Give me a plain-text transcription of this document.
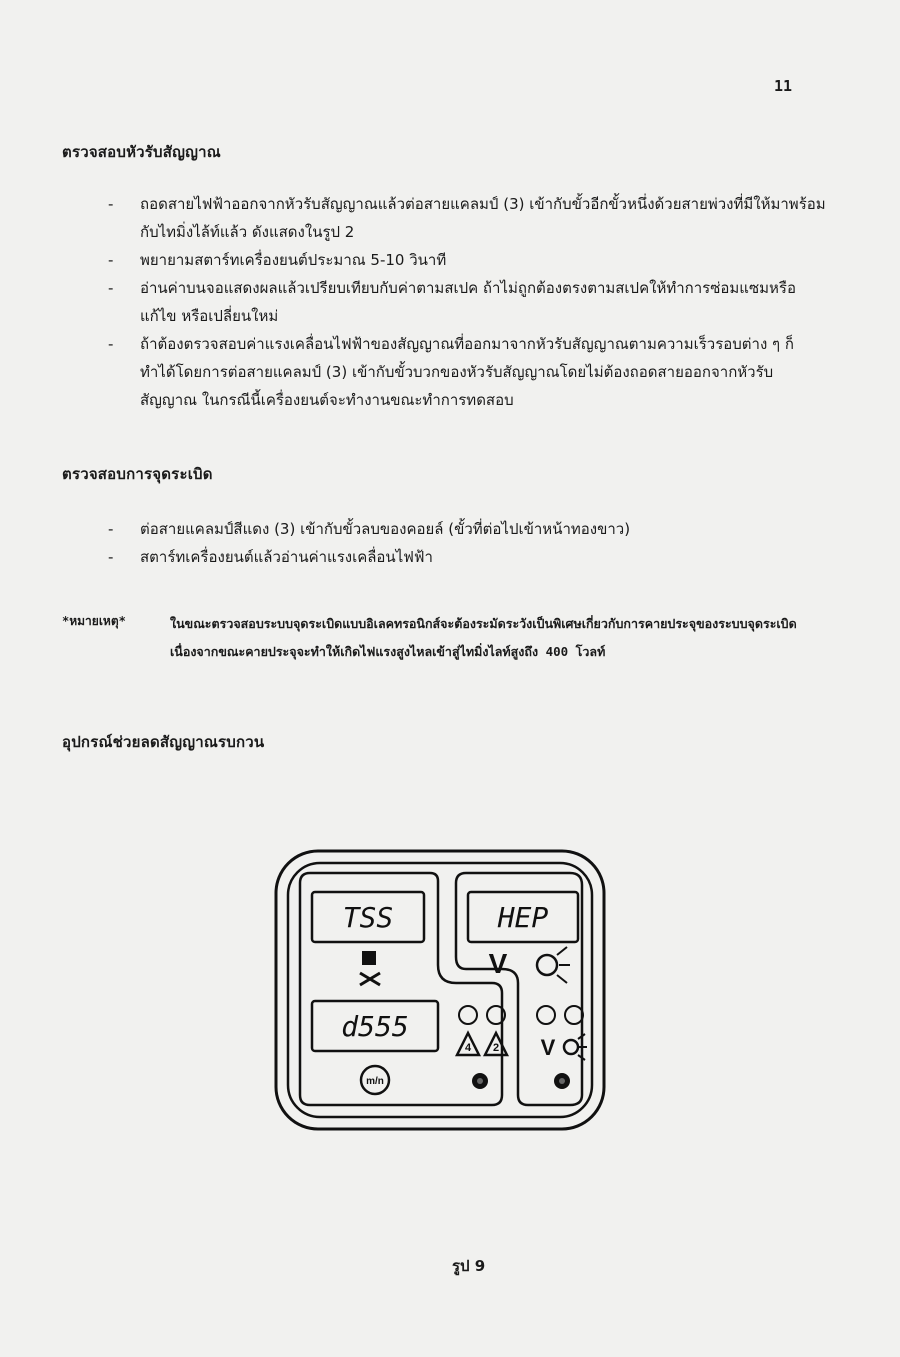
11
ตรวจสอบหัวรับสัญญาณ
- ถอดสายไฟฟ้าออกจากหัวรับสัญญาณแล้วต่อสายแคลมป์ (3) เข้ากับขั้วอีกขั้วหนึ่งด้วยสายพ่วงที่มีให้มาพร้อมกับไทมิ่งไล้ท์แล้ว ดังแสดงในรูป 2
- พยายามสตาร์ทเครื่องยนต์ประมาณ 5-10 วินาที
- อ่านค่าบนจอแสดงผลแล้วเปรียบเทียบกับค่าตามสเปค ถ้าไม่ถูกต้องตรงตามสเปคให้ทำการซ่อมแซมหรือแก้ไข หรือเปลี่ยนใหม่
- ถ้าต้องตรวจสอบค่าแรงเคลื่อนไฟฟ้าของสัญญาณที่ออกมาจากหัวรับสัญญาณตามความเร็วรอบต่าง ๆ ก็ทำได้โดยการต่อสายแคลมป์ (3) เข้ากับขั้วบวกของหัวรับสัญญาณโดยไม่ต้องถอดสายออกจากหัวรับสัญญาณ ในกรณีนี้เครื่องยนต์จะทำงานขณะทำการทดสอบ
ตรวจสอบการจุดระเบิด
- ต่อสายแคลมป์สีแดง (3) เข้ากับขั้วลบของคอยล์ (ขั้วที่ต่อไปเข้าหน้าทองขาว)
- สตาร์ทเครื่องยนต์แล้วอ่านค่าแรงเคลื่อนไฟฟ้า
*หมายเหตุ*	ในขณะตรวจสอบระบบจุดระเบิดแบบอิเลคทรอนิกส์จะต้องระมัดระวังเป็นพิเศษเกี่ยวกับการคายประจุของระบบจุดระเบิด เนื่องจากขณะคายประจุจะทำให้เกิดไฟแรงสูงไหลเข้าสู่ไทมิ่งไลท์สูงถึง 400 โวลท์
อุปกรณ์ช่วยลดสัญญาณรบกวน
TSS	HEP
V
d555
4 2 V
m/n
รูป 9
